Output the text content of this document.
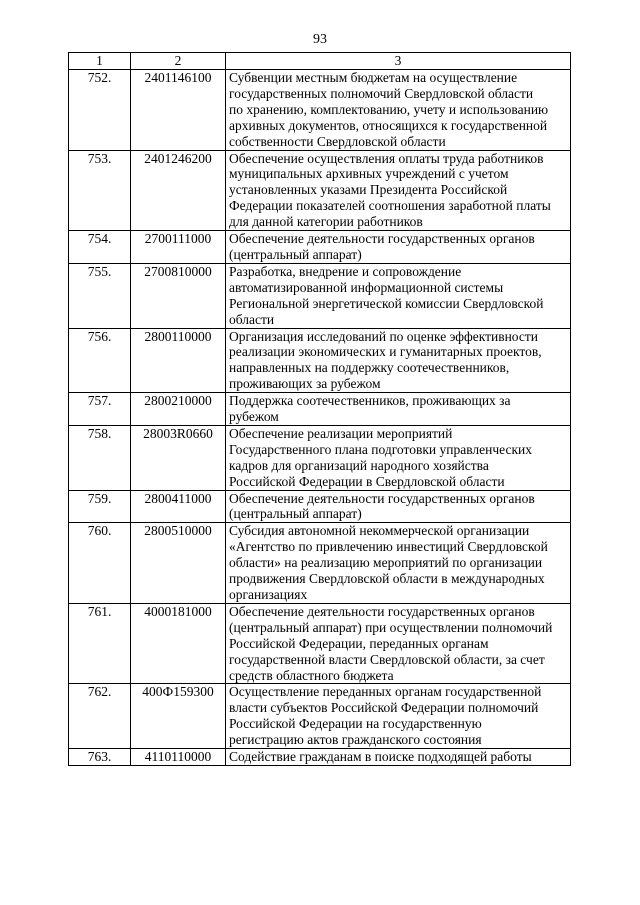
93
1	2	3
752.	2401146100	Субвенции местным бюджетам на осуществление
государственных полномочий Свердловской области
по хранению, комплектованию, учету и использованию
архивных документов, относящихся к государственной
собственности Свердловской области
753.	2401246200	Обеспечение осуществления оплаты труда работников
муниципальных архивных учреждений с учетом
установленных указами Президента Российской
Федерации показателей соотношения заработной платы
для данной категории работников
754.	2700111000	Обеспечение деятельности государственных органов
(центральный аппарат)
755.	2700810000	Разработка, внедрение и сопровождение
автоматизированной информационной системы
Региональной энергетической комиссии Свердловской
области
756.	2800110000	Организация исследований по оценке эффективности
реализации экономических и гуманитарных проектов,
направленных на поддержку соотечественников,
проживающих за рубежом
757.	2800210000	Поддержка соотечественников, проживающих за
рубежом
758.	28003R0660	Обеспечение реализации мероприятий
Государственного плана подготовки управленческих
кадров для организаций народного хозяйства
Российской Федерации в Свердловской области
759.	2800411000	Обеспечение деятельности государственных органов
(центральный аппарат)
760.	2800510000	Субсидия автономной некоммерческой организации
«Агентство по привлечению инвестиций Свердловской
области» на реализацию мероприятий по организации
продвижения Свердловской области в международных
организациях
761.	4000181000	Обеспечение деятельности государственных органов
(центральный аппарат) при осуществлении полномочий
Российской Федерации, переданных органам
государственной власти Свердловской области, за счет
средств областного бюджета
762.	400Ф159300	Осуществление переданных органам государственной
власти субъектов Российской Федерации полномочий
Российской Федерации на государственную
регистрацию актов гражданского состояния
763.	4110110000	Содействие гражданам в поиске подходящей работы
